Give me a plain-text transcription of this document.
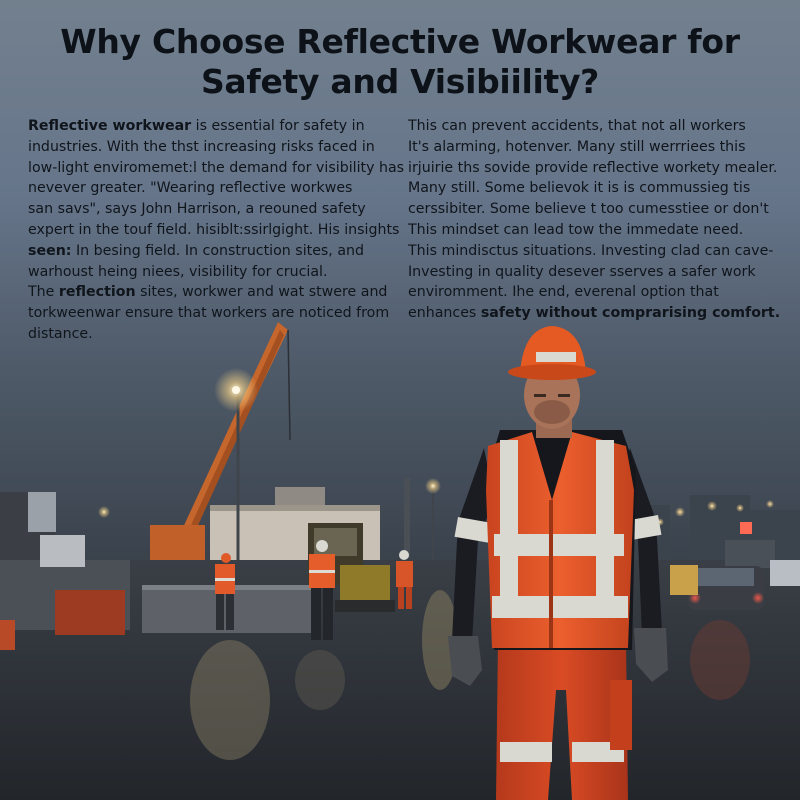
Why Choose Reflective Workwear for
Safety and Visibiility?
Reflective workwear is essential for safety in
industries. With the thst increasing risks faced in
low-light enviromemet:l the demand for visibility has
nevever greater. "Wearing reflective workwes
san savs", says John Harrison, a reouned safety
expert in the touf field. hisiblt:ssirlgight. His insights
seen: In besing field. In construction sites, and
warhoust heing niees, visibility for crucial.
The reflection sites, workwer and wat stwere and
torkweenwar ensure that workers are noticed from
distance.
This can prevent accidents, that not all workers
It's alarming, hotenver. Many still werrriees this
irjuirie ths sovide provide reflective workety mealer.
Many still. Some believok it is is commussieg tis
cerssibiter. Some believe t too cumesstiee or don't
This mindset can lead tow the immedate need.
This mindisctus situations. Investing clad can cave-
Investing in quality desever sserves a safer work
enviromment. Ihe end, everenal option that
enhances safety without comprarising comfort.
